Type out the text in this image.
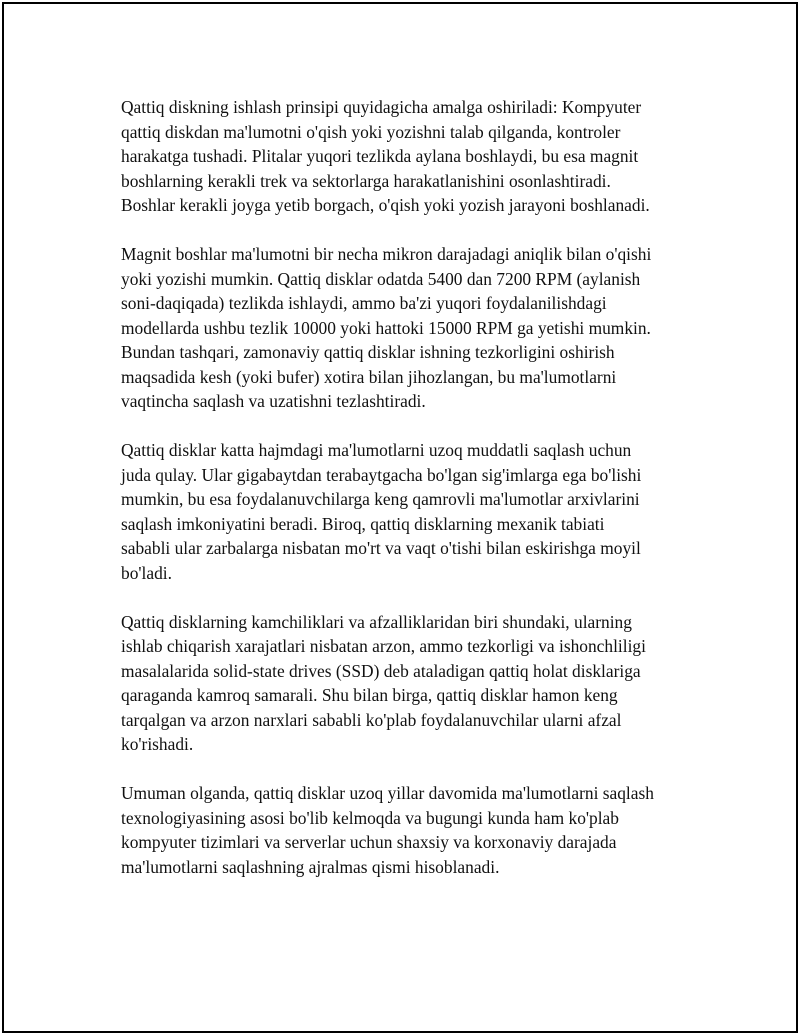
Qattiq diskning ishlash prinsipi quyidagicha amalga oshiriladi: Kompyuter
qattiq diskdan ma'lumotni o'qish yoki yozishni talab qilganda, kontroler
harakatga tushadi. Plitalar yuqori tezlikda aylana boshlaydi, bu esa magnit
boshlarning kerakli trek va sektorlarga harakatlanishini osonlashtiradi.
Boshlar kerakli joyga yetib borgach, o'qish yoki yozish jarayoni boshlanadi.

Magnit boshlar ma'lumotni bir necha mikron darajadagi aniqlik bilan o'qishi
yoki yozishi mumkin. Qattiq disklar odatda 5400 dan 7200 RPM (aylanish
soni-daqiqada) tezlikda ishlaydi, ammo ba'zi yuqori foydalanilishdagi
modellarda ushbu tezlik 10000 yoki hattoki 15000 RPM ga yetishi mumkin.
Bundan tashqari, zamonaviy qattiq disklar ishning tezkorligini oshirish
maqsadida kesh (yoki bufer) xotira bilan jihozlangan, bu ma'lumotlarni
vaqtincha saqlash va uzatishni tezlashtiradi.

Qattiq disklar katta hajmdagi ma'lumotlarni uzoq muddatli saqlash uchun
juda qulay. Ular gigabaytdan terabaytgacha bo'lgan sig'imlarga ega bo'lishi
mumkin, bu esa foydalanuvchilarga keng qamrovli ma'lumotlar arxivlarini
saqlash imkoniyatini beradi. Biroq, qattiq disklarning mexanik tabiati
sababli ular zarbalarga nisbatan mo'rt va vaqt o'tishi bilan eskirishga moyil
bo'ladi.

Qattiq disklarning kamchiliklari va afzalliklaridan biri shundaki, ularning
ishlab chiqarish xarajatlari nisbatan arzon, ammo tezkorligi va ishonchliligi
masalalarida solid-state drives (SSD) deb ataladigan qattiq holat disklariga
qaraganda kamroq samarali. Shu bilan birga, qattiq disklar hamon keng
tarqalgan va arzon narxlari sababli ko'plab foydalanuvchilar ularni afzal
ko'rishadi.

Umuman olganda, qattiq disklar uzoq yillar davomida ma'lumotlarni saqlash
texnologiyasining asosi bo'lib kelmoqda va bugungi kunda ham ko'plab
kompyuter tizimlari va serverlar uchun shaxsiy va korxonaviy darajada
ma'lumotlarni saqlashning ajralmas qismi hisoblanadi.
